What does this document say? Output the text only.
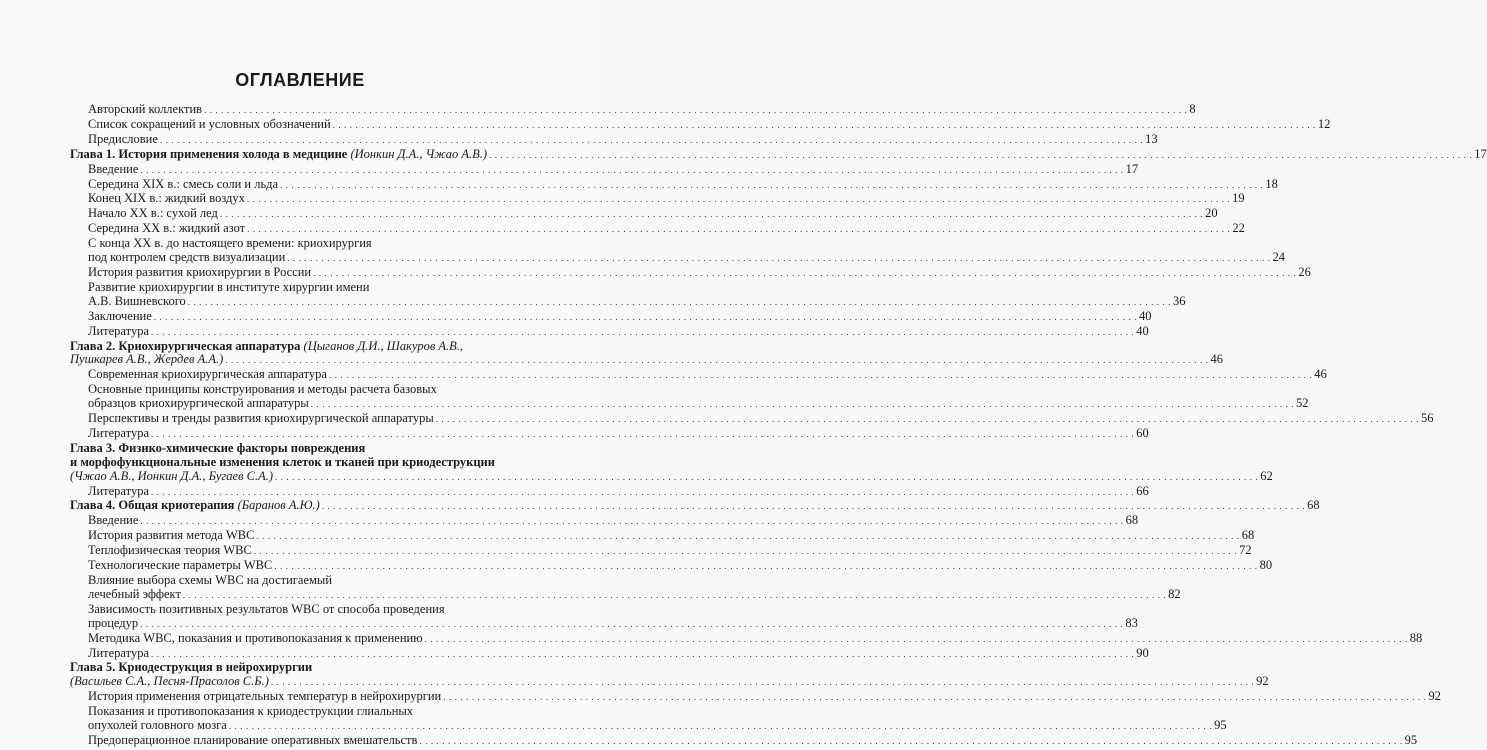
ОГЛАВЛЕНИЕ
Авторский коллектив . . .	8
Список сокращений и условных обозначений . . .	12
Предисловие . . .	13
Глава 1. История применения холода в медицине (Ионкин Д.А., Чжао А.В.) . . .	17
Введение . . .	17
Середина XIX в.: смесь соли и льда . . .	18
Конец XIX в.: жидкий воздух . . .	19
Начало XX в.: сухой лед . . .	20
Середина XX в.: жидкий азот . . .	22
С конца XX в. до настоящего времени: криохирургия
под контролем средств визуализации . . .	24
История развития криохирургии в России . . .	26
Развитие криохирургии в институте хирургии имени
А.В. Вишневского . . .	36
Заключение . . .	40
Литература . . .	40
Глава 2. Криохирургическая аппаратура (Цыганов Д.И., Шакуров А.В.,
Пушкарев А.В., Жердев А.А.) . . .	46
Современная криохирургическая аппаратура . . .	46
Основные принципы конструирования и методы расчета базовых
образцов криохирургической аппаратуры . . .	52
Перспективы и тренды развития криохирургической аппаратуры . . .	56
Литература . . .	60
Глава 3. Физико-химические факторы повреждения
и морфофункциональные изменения клеток и тканей при криодеструкции
(Чжао А.В., Ионкин Д.А., Бугаев С.А.) . . .	62
Литература . . .	66
Глава 4. Общая криотерапия (Баранов А.Ю.) . . .	68
Введение . . .	68
История развития метода WBC . . .	68
Теплофизическая теория WBC . . .	72
Технологические параметры WBC . . .	80
Влияние выбора схемы WBC на достигаемый
лечебный эффект . . .	82
Зависимость позитивных результатов WBC от способа проведения
процедур . . .	83
Методика WBC, показания и противопоказания к применению . . .	88
Литература . . .	90
Глава 5. Криодеструкция в нейрохирургии
(Васильев С.А., Песня-Прасолов С.Б.) . . .	92
История применения отрицательных температур в нейрохирургии . . .	92
Показания и противопоказания к криодеструкции глиальных
опухолей головного мозга . . .	95
Предоперационное планирование оперативных вмешательств . . .	95
